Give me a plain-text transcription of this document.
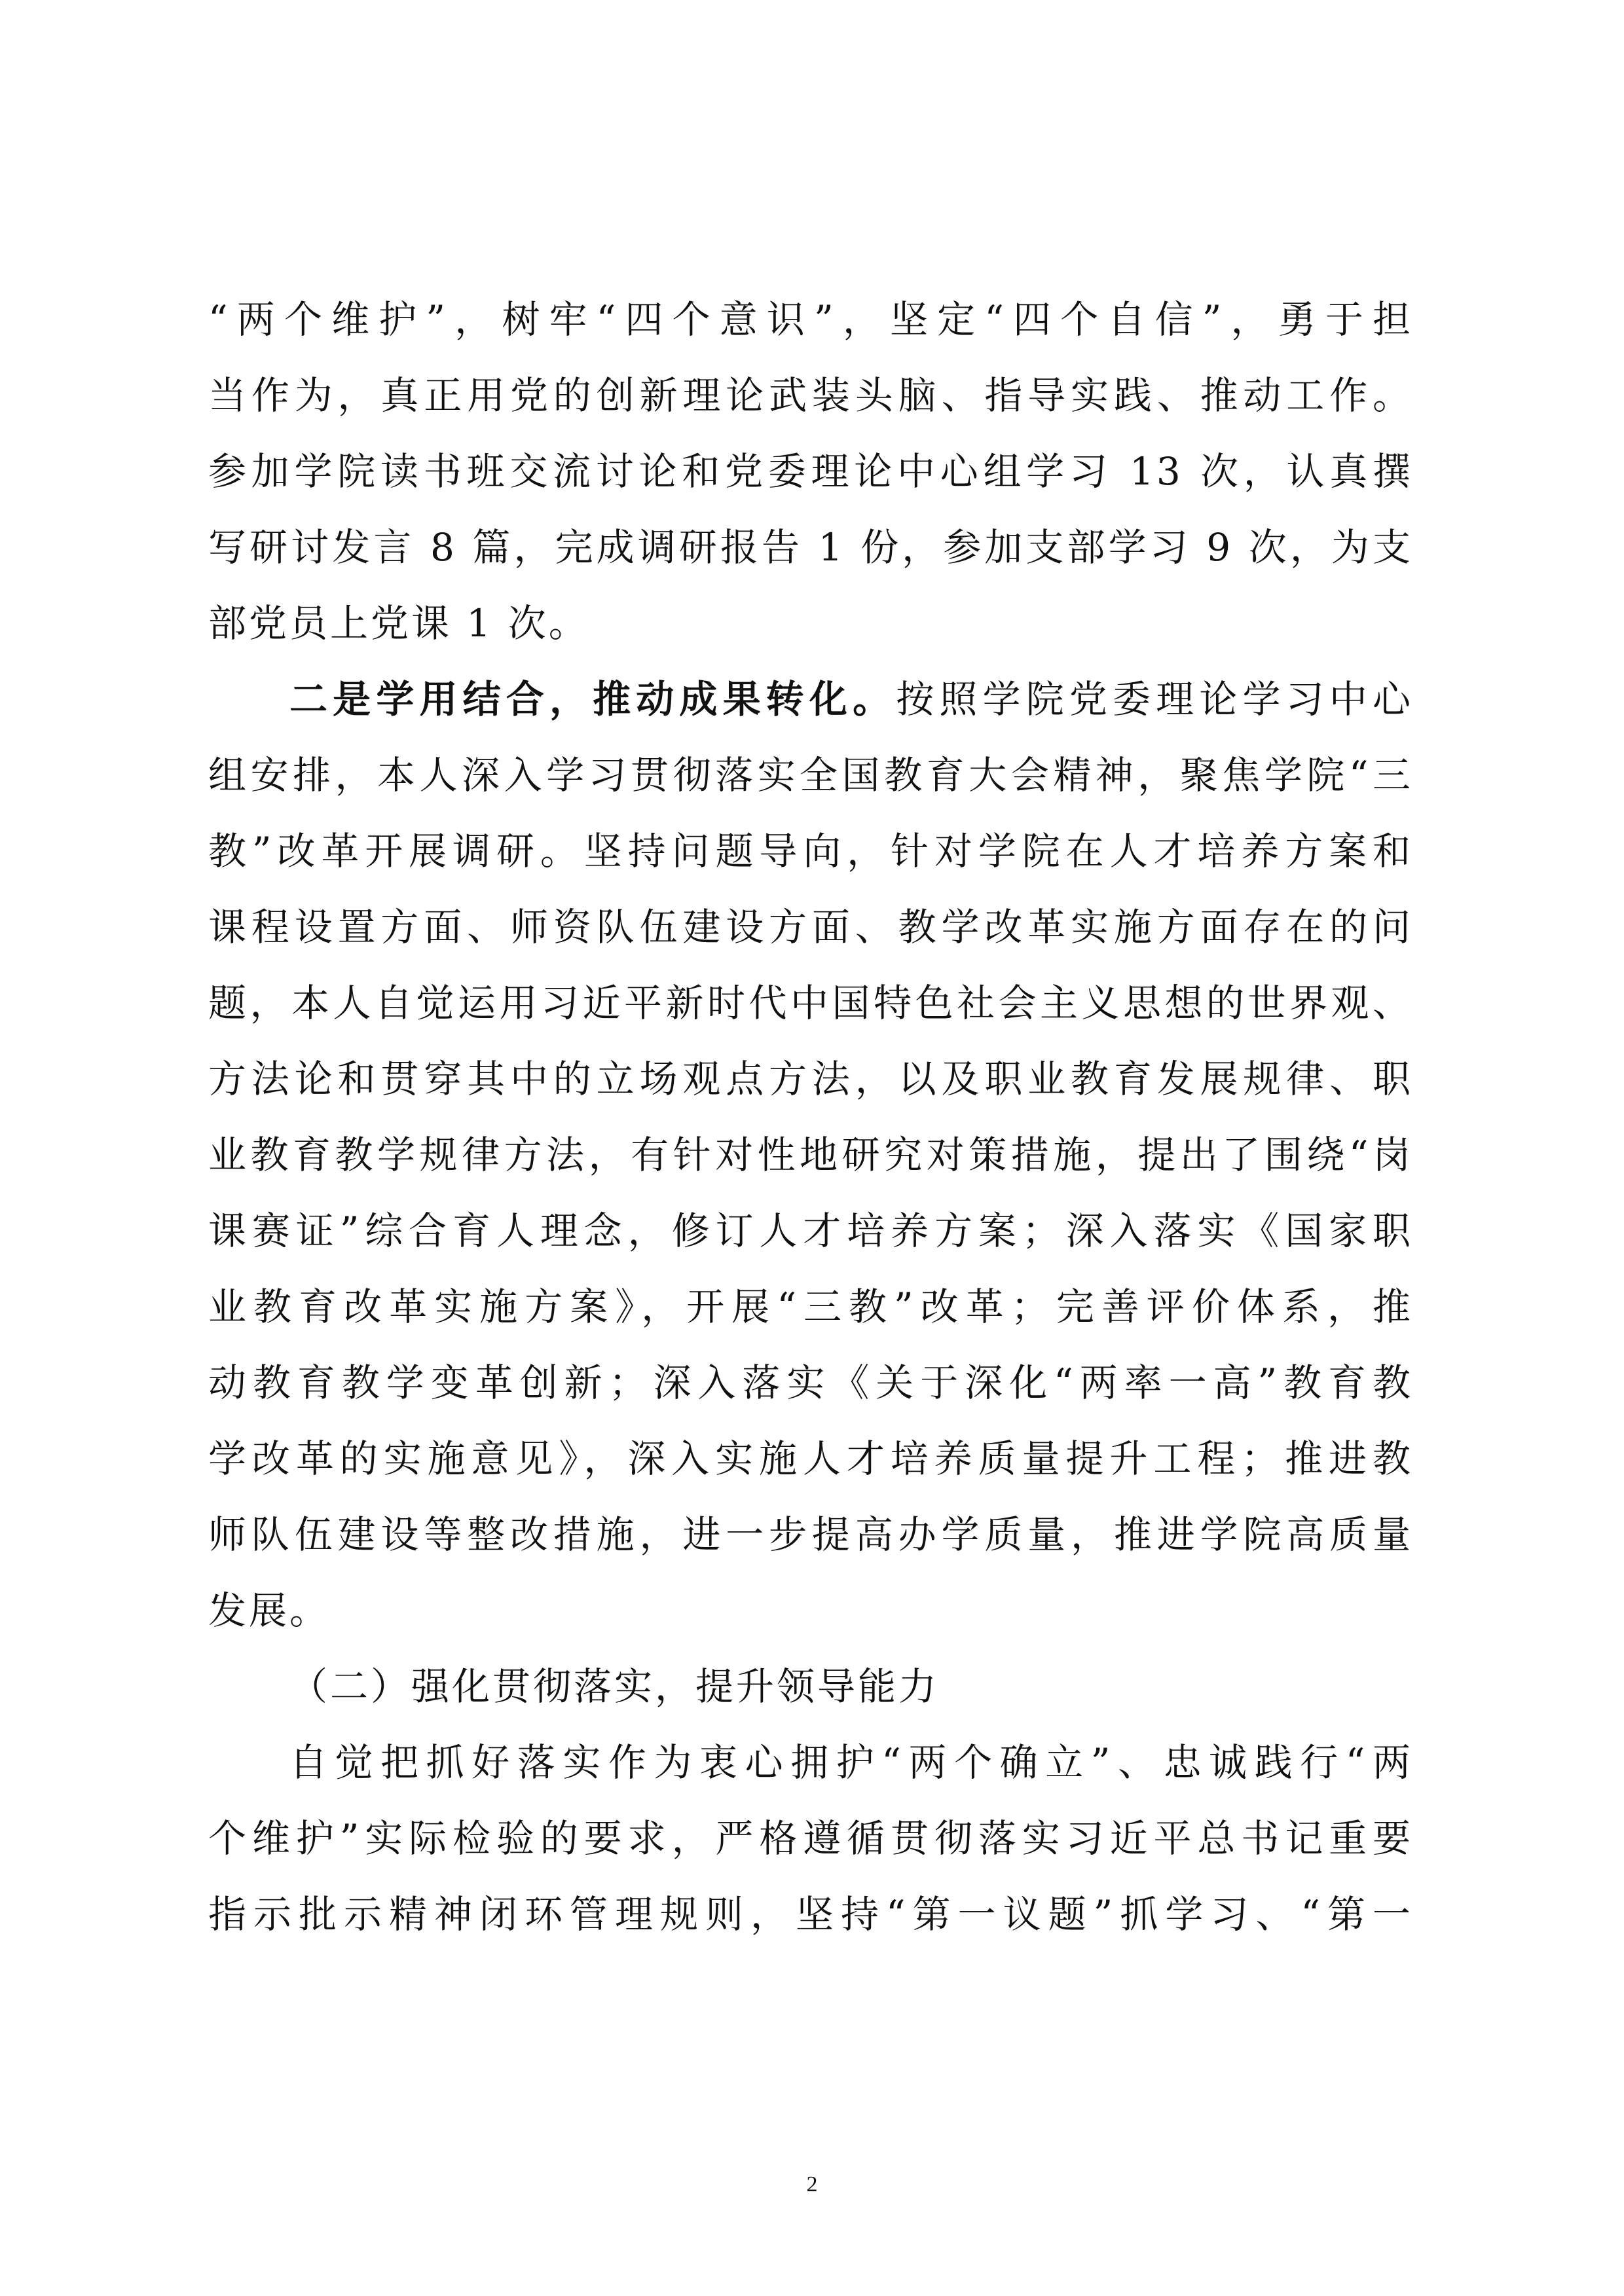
“两个维护”，树牢“四个意识”，坚定“四个自信”，勇于担
当作为，真正用党的创新理论武装头脑、指导实践、推动工作。
参加学院读书班交流讨论和党委理论中心组学习 13 次，认真撰
写研讨发言 8 篇，完成调研报告 1 份，参加支部学习 9 次，为支
部党员上党课 1 次。
二是学用结合，推动成果转化。按照学院党委理论学习中心
组安排，本人深入学习贯彻落实全国教育大会精神，聚焦学院“三
教”改革开展调研。坚持问题导向，针对学院在人才培养方案和
课程设置方面、师资队伍建设方面、教学改革实施方面存在的问
题，本人自觉运用习近平新时代中国特色社会主义思想的世界观、
方法论和贯穿其中的立场观点方法，以及职业教育发展规律、职
业教育教学规律方法，有针对性地研究对策措施，提出了围绕“岗
课赛证”综合育人理念，修订人才培养方案；深入落实《国家职
业教育改革实施方案》，开展“三教”改革；完善评价体系，推
动教育教学变革创新；深入落实《关于深化“两率一高”教育教
学改革的实施意见》，深入实施人才培养质量提升工程；推进教
师队伍建设等整改措施，进一步提高办学质量，推进学院高质量
发展。
（二）强化贯彻落实，提升领导能力
自觉把抓好落实作为衷心拥护“两个确立”、忠诚践行“两
个维护”实际检验的要求，严格遵循贯彻落实习近平总书记重要
指示批示精神闭环管理规则，坚持“第一议题”抓学习、“第一
2
